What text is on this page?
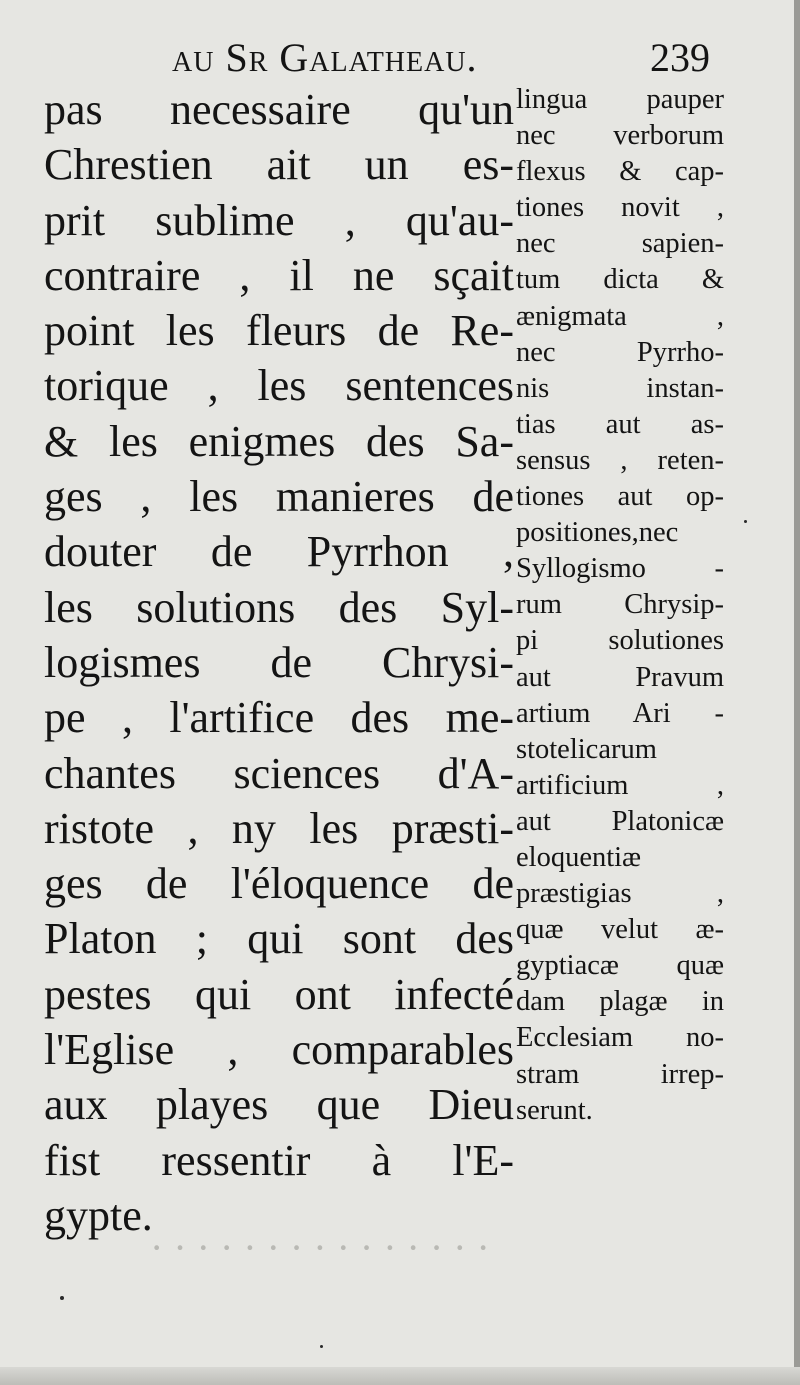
· · · · · · · · · · · · · · ·
au Sr Galatheau.	239
pas necessaire qu'un
Chrestien ait un es-
prit sublime , qu'au-
contraire , il ne sçait
point les fleurs de Re-
torique , les sentences
& les enigmes des Sa-
ges , les manieres de
douter de Pyrrhon ,
les solutions des Syl-
logismes de Chrysi-
pe , l'artifice des me-
chantes sciences d'A-
ristote , ny les præsti-
ges de l'éloquence de
Platon ; qui sont des
pestes qui ont infecté
l'Eglise , comparables
aux playes que Dieu
fist ressentir à l'E-
gypte.
lingua pauper
nec verborum
flexus & cap-
tiones novit ,
nec sapien-
tum dicta &
ænigmata ,
nec Pyrrho-
nis instan-
tias aut as-
sensus , reten-
tiones aut op-
positiones,nec
Syllogismo -
rum Chrysip-
pi solutiones
aut Pravum
artium Ari -
stotelicarum
artificium ,
aut Platonicæ
eloquentiæ
præstigias ,
quæ velut æ-
gyptiacæ quæ
dam plagæ in
Ecclesiam no-
stram irrep-
serunt.
